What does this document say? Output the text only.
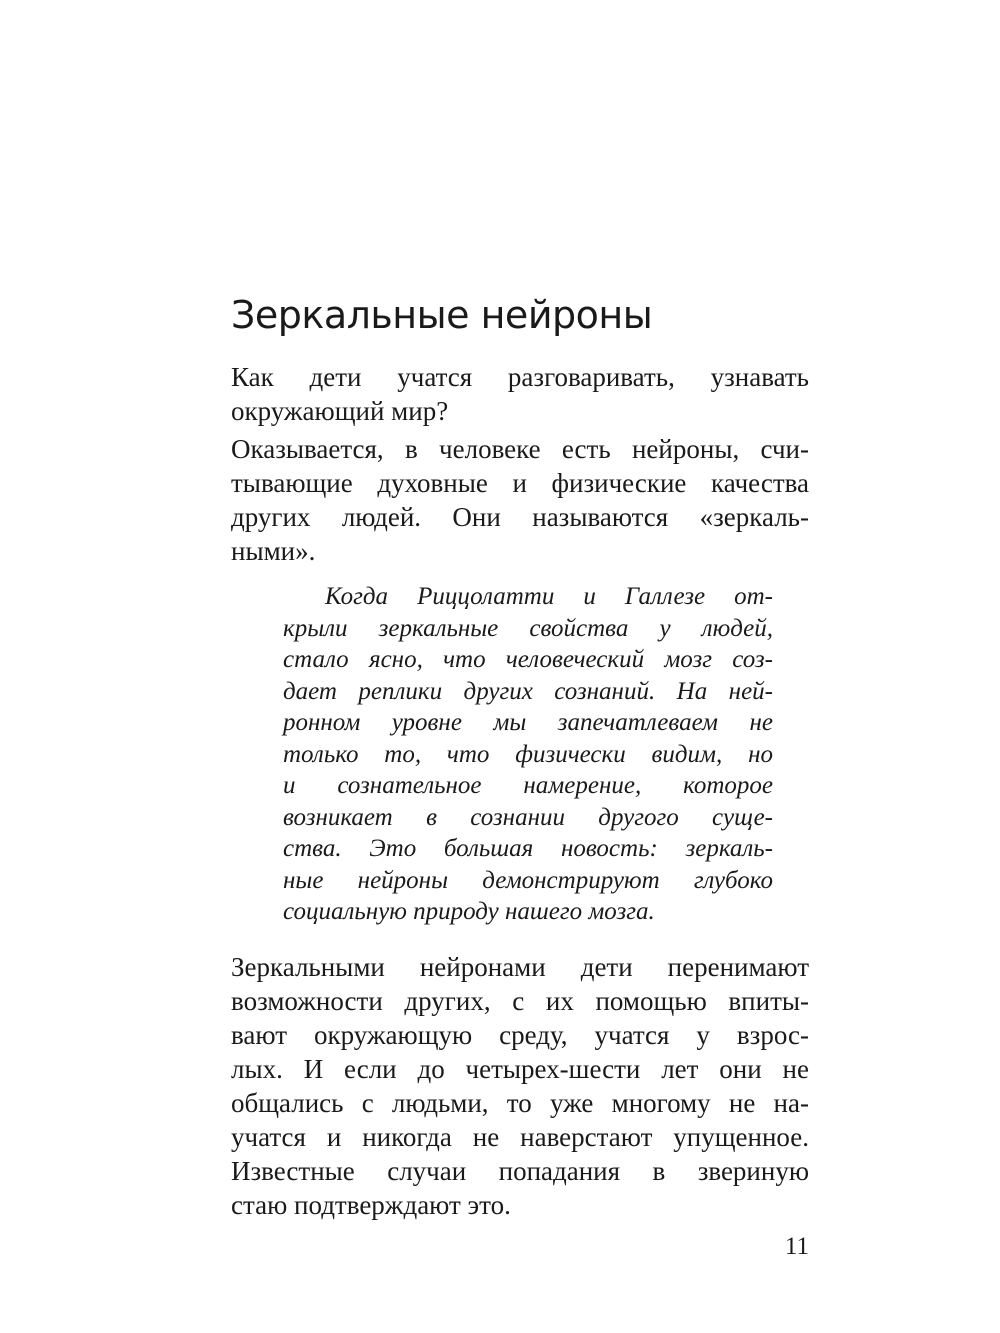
Зеркальные нейроны
Как дети учатся разговаривать, узнавать
окружающий мир?
Оказывается, в человеке есть нейроны, счи-
тывающие духовные и физические качества
других людей. Они называются «зеркаль-
ными».
Когда Риццолатти и Галлезе от-
крыли зеркальные свойства у людей,
стало ясно, что человеческий мозг соз-
дает реплики других сознаний. На ней-
ронном уровне мы запечатлеваем не
только то, что физически видим, но
и сознательное намерение, которое
возникает в сознании другого суще-
ства. Это большая новость: зеркаль-
ные нейроны демонстрируют глубоко
социальную природу нашего мозга.
Зеркальными нейронами дети перенимают
возможности других, с их помощью впиты-
вают окружающую среду, учатся у взрос-
лых. И если до четырех-шести лет они не
общались с людьми, то уже многому не на-
учатся и никогда не наверстают упущенное.
Известные случаи попадания в звериную
стаю подтверждают это.
11
